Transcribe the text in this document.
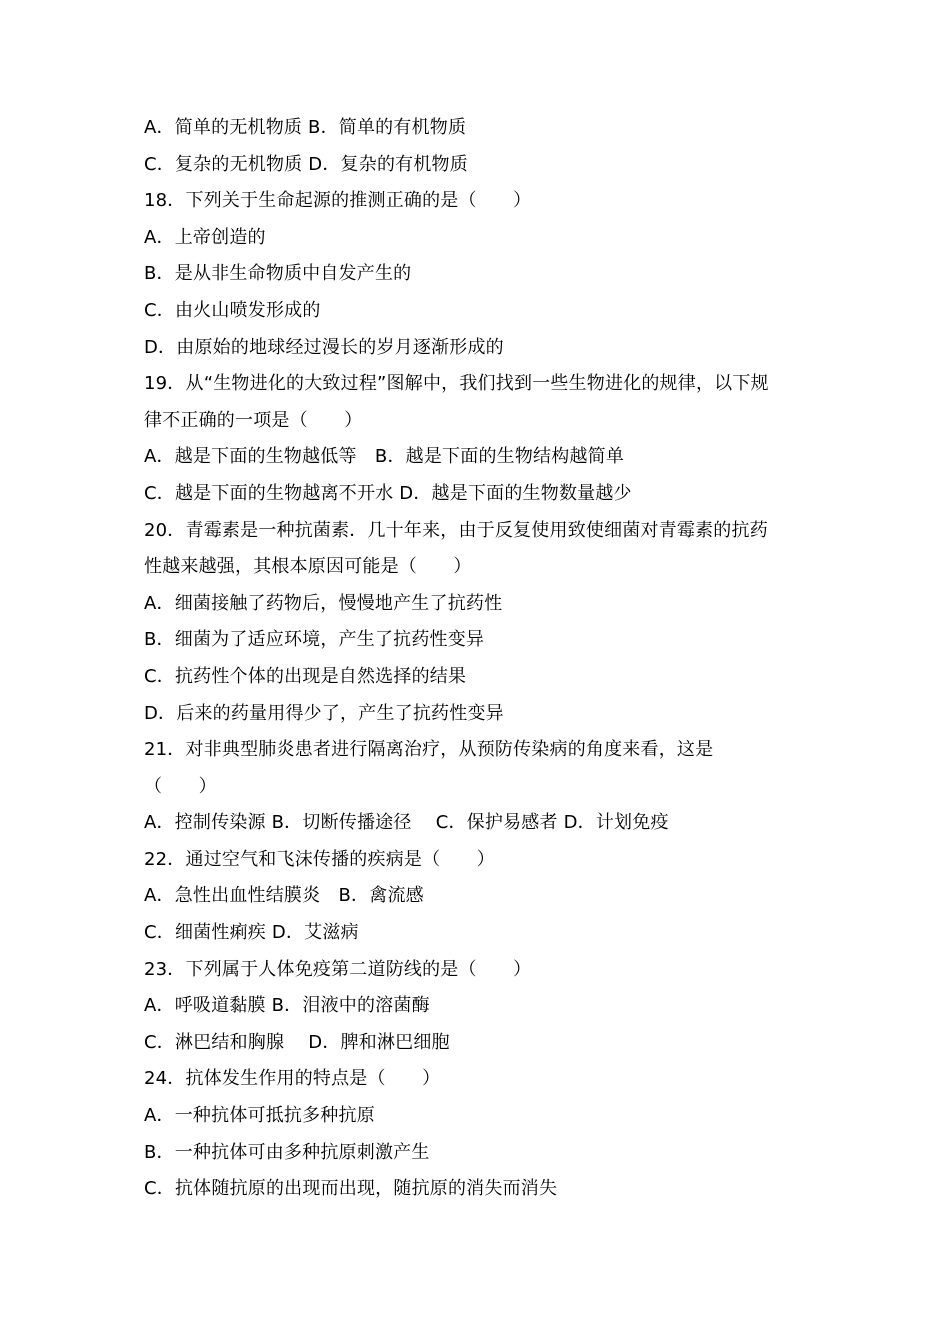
A．简单的无机物质 B．简单的有机物质
C．复杂的无机物质 D．复杂的有机物质
18．下列关于生命起源的推测正确的是（　　）
A．上帝创造的
B．是从非生命物质中自发产生的
C．由火山喷发形成的
D．由原始的地球经过漫长的岁月逐渐形成的
19．从“生物进化的大致过程”图解中，我们找到一些生物进化的规律，以下规
律不正确的一项是（　　）
A．越是下面的生物越低等　B．越是下面的生物结构越简单
C．越是下面的生物越离不开水 D．越是下面的生物数量越少
20．青霉素是一种抗菌素．几十年来，由于反复使用致使细菌对青霉素的抗药
性越来越强，其根本原因可能是（　　）
A．细菌接触了药物后，慢慢地产生了抗药性
B．细菌为了适应环境，产生了抗药性变异
C．抗药性个体的出现是自然选择的结果
D．后来的药量用得少了，产生了抗药性变异
21．对非典型肺炎患者进行隔离治疗，从预防传染病的角度来看，这是
（　　）
A．控制传染源 B．切断传播途径　 C．保护易感者 D．计划免疫
22．通过空气和飞沫传播的疾病是（　　）
A．急性出血性结膜炎　B．禽流感
C．细菌性痢疾 D．艾滋病
23．下列属于人体免疫第二道防线的是（　　）
A．呼吸道黏膜 B．泪液中的溶菌酶
C．淋巴结和胸腺　 D．脾和淋巴细胞
24．抗体发生作用的特点是（　　）
A．一种抗体可抵抗多种抗原
B．一种抗体可由多种抗原刺激产生
C．抗体随抗原的出现而出现，随抗原的消失而消失
